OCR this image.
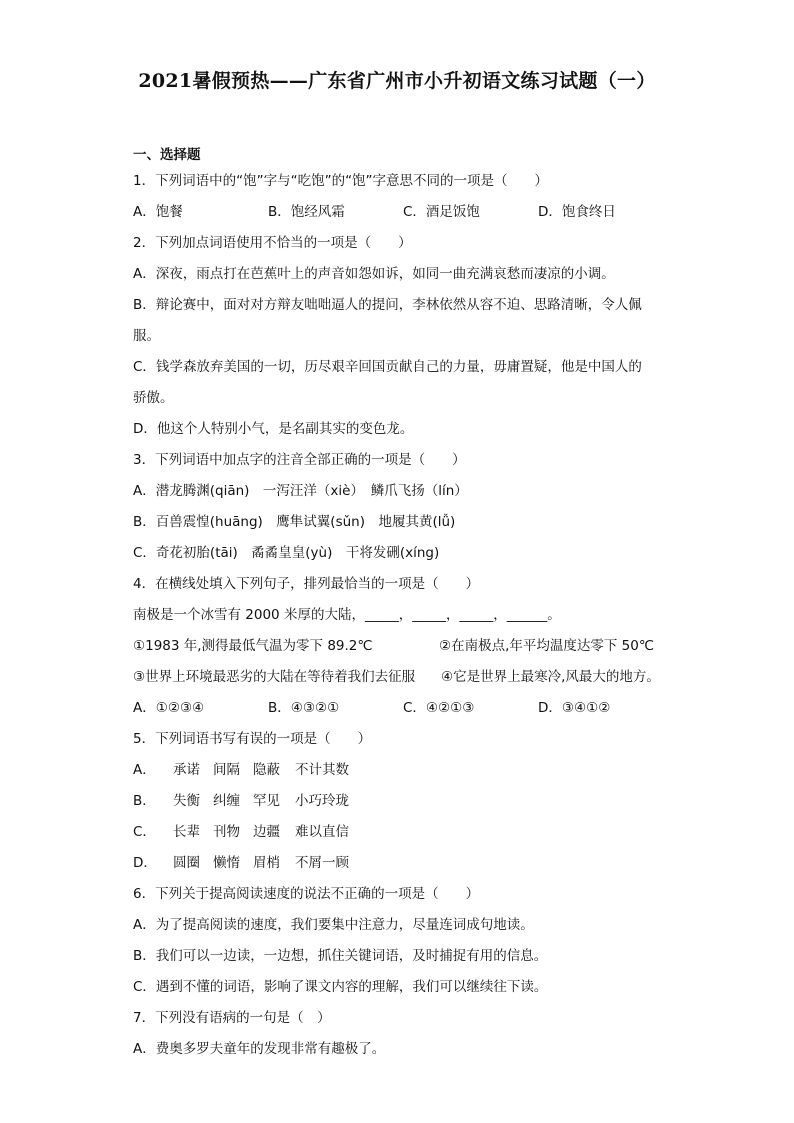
2021暑假预热——广东省广州市小升初语文练习试题（一）
一、选择题
1．下列词语中的“饱”字与“吃饱”的“饱”字意思不同的一项是（　　）
A．饱餐	B．饱经风霜	C．酒足饭饱	D．饱食终日
2．下列加点词语使用不恰当的一项是（　　）
A．深夜，雨点打在芭蕉叶上的声音如怨如诉，如同一曲充满哀愁而凄凉的小调。
B．辩论赛中，面对对方辩友咄咄逼人的提问，李林依然从容不迫、思路清晰，令人佩
服。
C．钱学森放弃美国的一切，历尽艰辛回国贡献自己的力量，毋庸置疑，他是中国人的
骄傲。
D．他这个人特别小气，是名副其实的变色龙。
3．下列词语中加点字的注音全部正确的一项是（　　）
A．潜龙腾渊(qiān)　一泻汪洋（xiè）　鳞爪飞扬（lín）
B．百兽震惶(huāng)　鹰隼试翼(sǔn)　地履其黄(lǚ)
C．奇花初胎(tāi)　矞矞皇皇(yù)　干将发硎(xíng)
4．在横线处填入下列句子，排列最恰当的一项是（　　）
南极是一个冰雪有 2000 米厚的大陆，_____，_____，_____，______。
①1983 年,测得最低气温为零下 89.2℃	②在南极点,年平均温度达零下 50℃
③世界上环境最恶劣的大陆在等待着我们去征服	④它是世界上最寒冷,风最大的地方。
A．①②③④	B．④③②①	C．④②①③	D．③④①②
5．下列词语书写有误的一项是（　　）
A． 承诺 间隔 隐蔽 不计其数
B． 失衡 纠缠 罕见 小巧玲珑
C． 长辈 刊物 边疆 难以直信
D． 圆圈 懒惰 眉梢 不屑一顾
6．下列关于提高阅读速度的说法不正确的一项是（　　）
A．为了提高阅读的速度，我们要集中注意力，尽量连词成句地读。
B．我们可以一边读，一边想，抓住关键词语，及时捕捉有用的信息。
C．遇到不懂的词语，影响了课文内容的理解，我们可以继续往下读。
7．下列没有语病的一句是（　）
A．费奥多罗夫童年的发现非常有趣极了。
